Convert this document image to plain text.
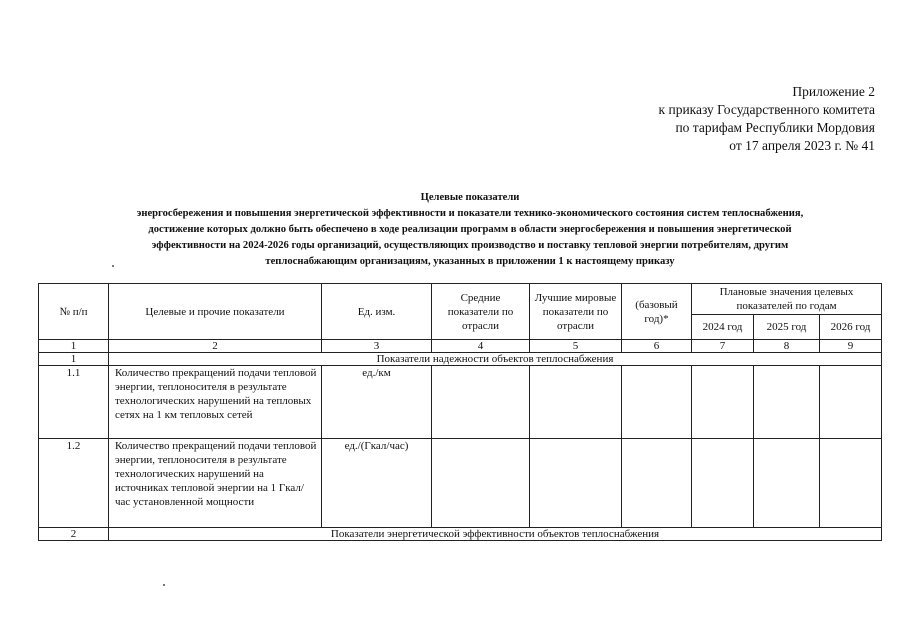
Приложение 2
к приказу Государственного комитета
по тарифам Республики Мордовия
от 17 апреля 2023 г. № 41
Целевые показатели
энергосбережения и повышения энергетической эффективности и показатели технико-экономического состояния систем теплоснабжения,
достижение которых должно быть обеспечено в ходе реализации программ в области энергосбережения и повышения энергетической
эффективности на 2024-2026 годы организаций, осуществляющих производство и поставку тепловой энергии потребителям, другим
теплоснабжающим организациям, указанных в приложении 1 к настоящему приказу
№ п/п	Целевые и прочие показатели	Ед. изм.	Средние показатели по отрасли	Лучшие мировые показатели по отрасли	(базовый год)*	Плановые значения целевых показателей по годам		
						2024 год	2025 год	2026 год
1	2	3	4	5	6	7	8	9
1	Показатели надежности объектов теплоснабжения							
1.1	Количество прекращений подачи тепловой энергии, теплоносителя в результате технологических нарушений на тепловых сетях на 1 км тепловых сетей	ед./км						
1.2	Количество прекращений подачи тепловой энергии, теплоносителя в результате технологических нарушений на источниках тепловой энергии на 1 Гкал/час установленной мощности	ед./(Гкал/час)						
2	Показатели энергетической эффективности объектов теплоснабжения							
